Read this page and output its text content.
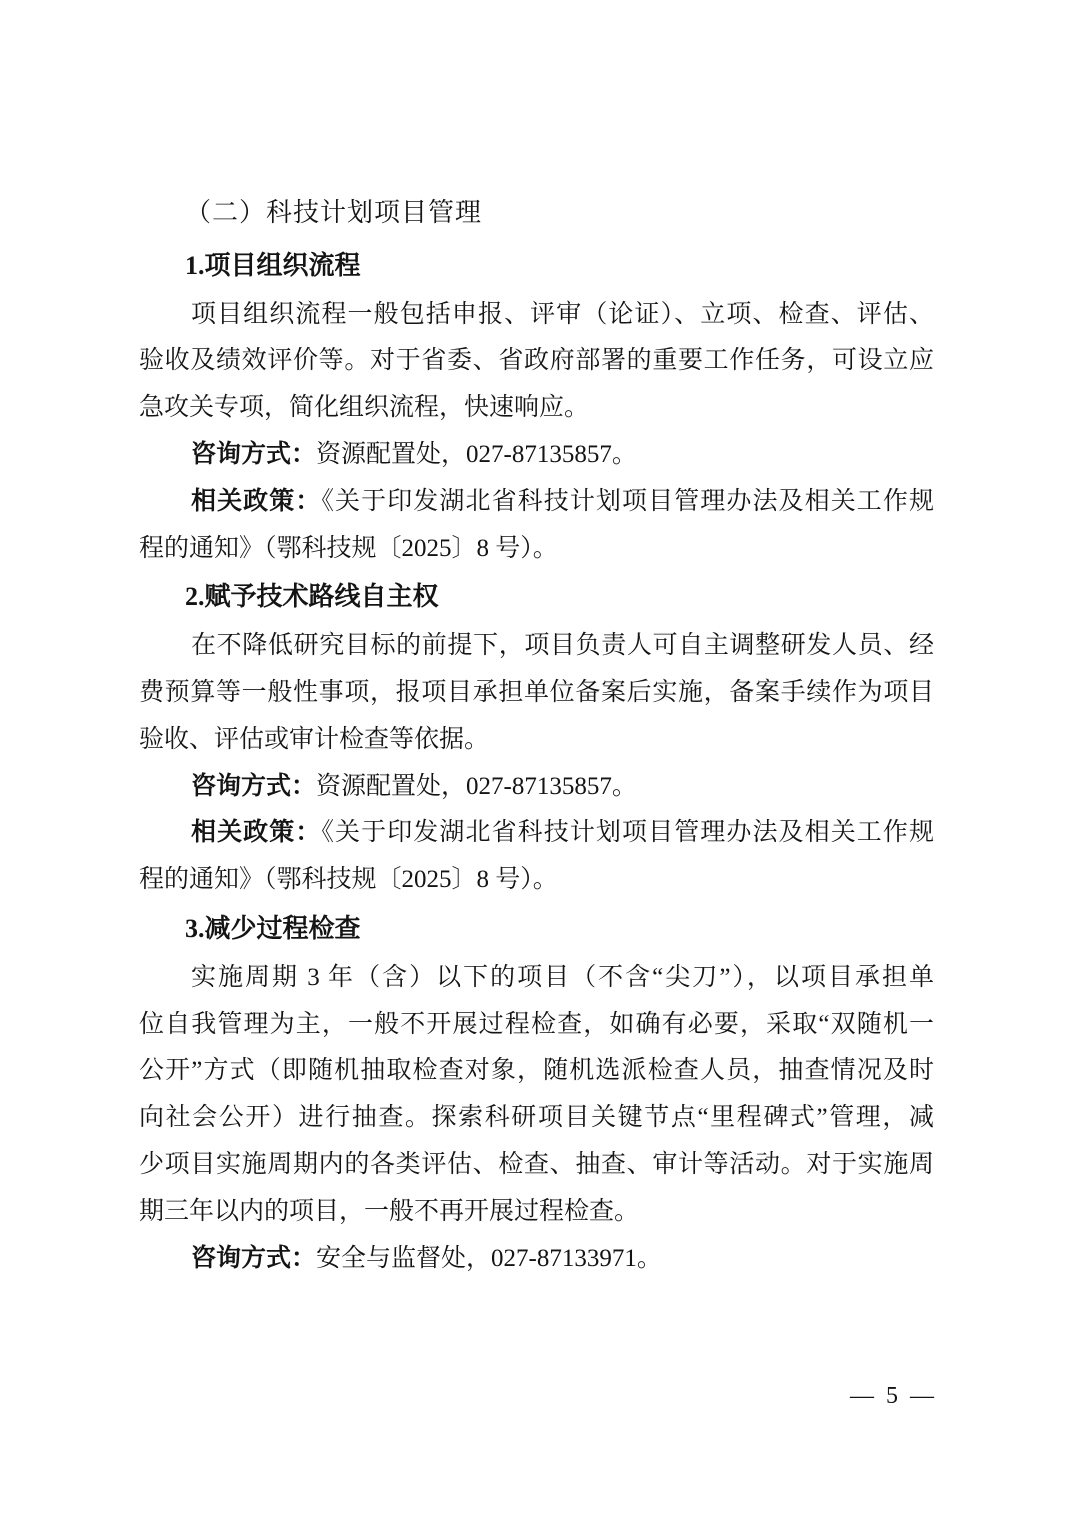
（二）科技计划项目管理
1.项目组织流程
项目组织流程一般包括申报、评审（论证）、立项、检查、评估、
验收及绩效评价等。对于省委、省政府部署的重要工作任务，可设立应
急攻关专项，简化组织流程，快速响应。
咨询方式：资源配置处，027-87135857。
相关政策：《关于印发湖北省科技计划项目管理办法及相关工作规
程的通知》（鄂科技规〔2025〕8 号）。
2.赋予技术路线自主权
在不降低研究目标的前提下，项目负责人可自主调整研发人员、经
费预算等一般性事项，报项目承担单位备案后实施，备案手续作为项目
验收、评估或审计检查等依据。
咨询方式：资源配置处，027-87135857。
相关政策：《关于印发湖北省科技计划项目管理办法及相关工作规
程的通知》（鄂科技规〔2025〕8 号）。
3.减少过程检查
实施周期 3 年（含）以下的项目（不含“尖刀”），以项目承担单
位自我管理为主，一般不开展过程检查，如确有必要，采取“双随机一
公开”方式（即随机抽取检查对象，随机选派检查人员，抽查情况及时
向社会公开）进行抽查。探索科研项目关键节点“里程碑式”管理，减
少项目实施周期内的各类评估、检查、抽查、审计等活动。对于实施周
期三年以内的项目，一般不再开展过程检查。
咨询方式：安全与监督处，027-87133971。
— 5 —
